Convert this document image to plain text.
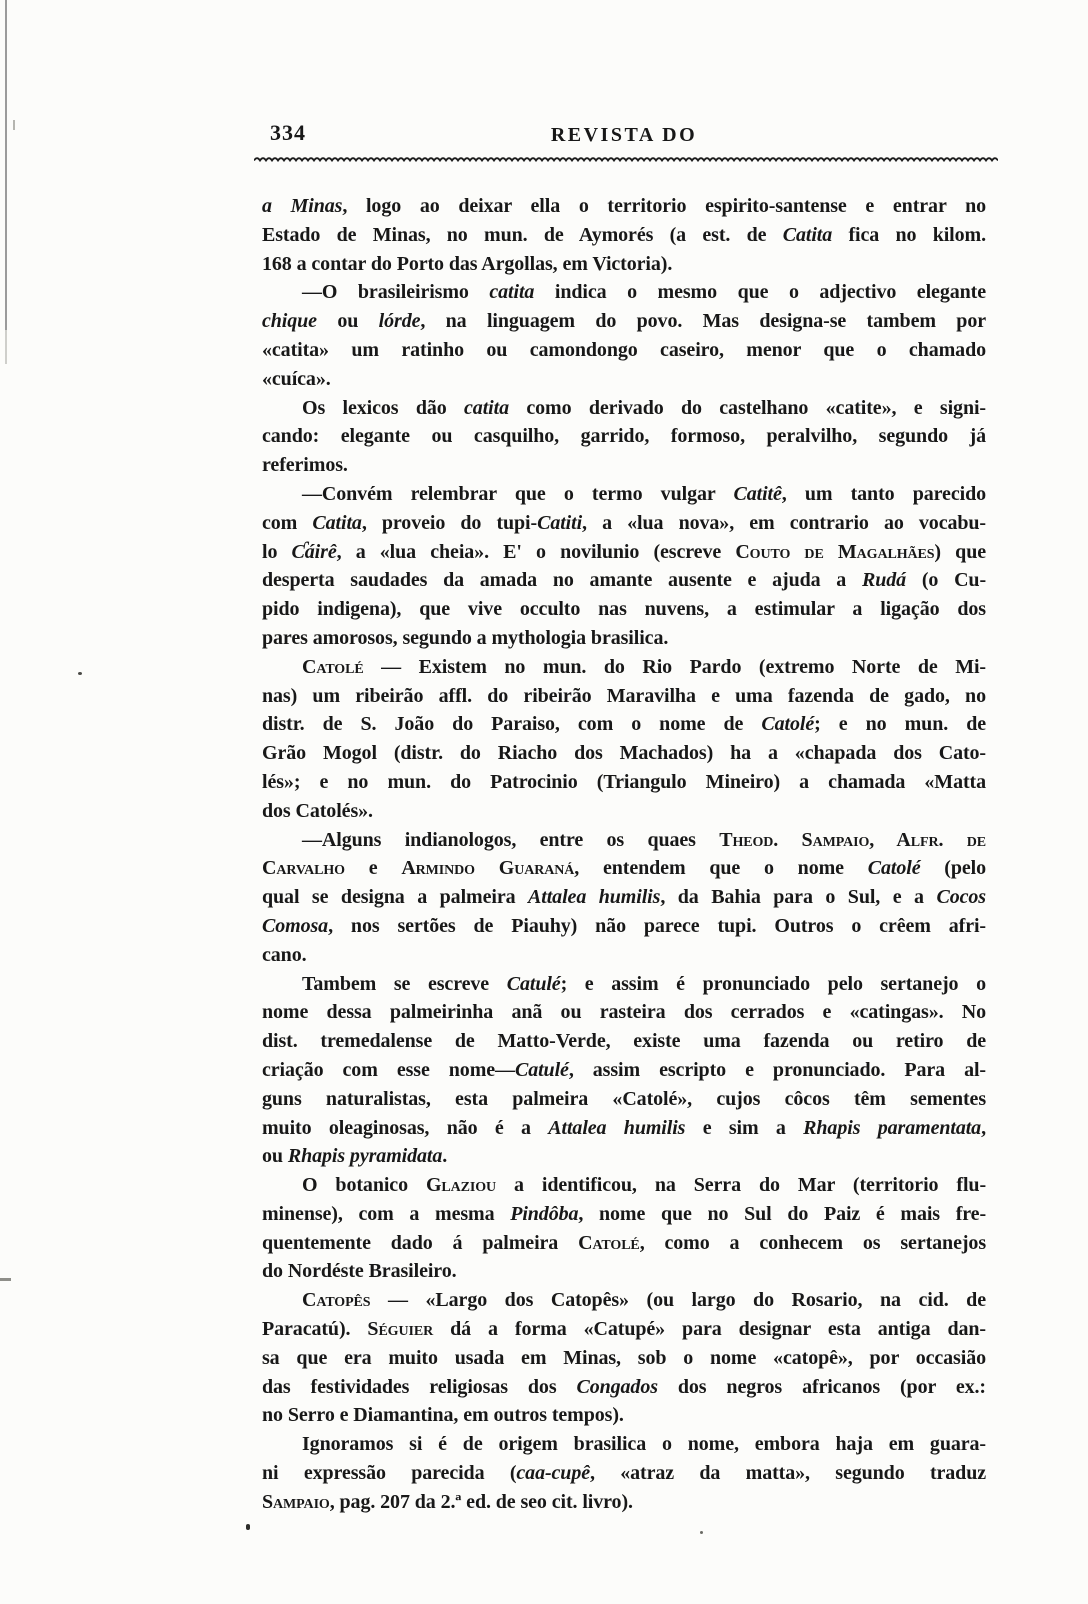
334	REVISTA DO
a Minas, logo ao deixar ella o territorio espirito-santense e entrar no
Estado de Minas, no mun. de Aymorés (a est. de Catita fica no kilom.
168 a contar do Porto das Argollas, em Victoria).
—O brasileirismo catita indica o mesmo que o adjectivo elegante
chique ou lórde, na linguagem do povo. Mas designa-se tambem por
«catita» um ratinho ou camondongo caseiro, menor que o chamado
«cuíca».
Os lexicos dão catita como derivado do castelhano «catite», e signi-
cando: elegante ou casquilho, garrido, formoso, peralvilho, segundo já
referimos.
—Convém relembrar que o termo vulgar Catitê, um tanto parecido
com Catita, proveio do tupi-Catiti, a «lua nova», em contrario ao vocabu-
lo Ƈáirê, a «lua cheia». E' o novilunio (escreve Couto de Magalhães) que
desperta saudades da amada no amante ausente e ajuda a Rudá (o Cu-
pido indigena), que vive occulto nas nuvens, a estimular a ligação dos
pares amorosos, segundo a mythologia brasilica.
Catolé — Existem no mun. do Rio Pardo (extremo Norte de Mi-
nas) um ribeirão affl. do ribeirão Maravilha e uma fazenda de gado, no
distr. de S. João do Paraiso, com o nome de Catolé; e no mun. de
Grão Mogol (distr. do Riacho dos Machados) ha a «chapada dos Cato-
lés»; e no mun. do Patrocinio (Triangulo Mineiro) a chamada «Matta
dos Catolés».
—Alguns indianologos, entre os quaes Theod. Sampaio, Alfr. de
Carvalho e Armindo Guaraná, entendem que o nome Catolé (pelo
qual se designa a palmeira Attalea humilis, da Bahia para o Sul, e a Cocos
Comosa, nos sertões de Piauhy) não parece tupi. Outros o crêem afri-
cano.
Tambem se escreve Catulé; e assim é pronunciado pelo sertanejo o
nome dessa palmeirinha anã ou rasteira dos cerrados e «catingas». No
dist. tremedalense de Matto-Verde, existe uma fazenda ou retiro de
criação com esse nome—Catulé, assim escripto e pronunciado. Para al-
guns naturalistas, esta palmeira «Catolé», cujos côcos têm sementes
muito oleaginosas, não é a Attalea humilis e sim a Rhapis paramentata,
ou Rhapis pyramidata.
O botanico Glaziou a identificou, na Serra do Mar (territorio flu-
minense), com a mesma Pindôba, nome que no Sul do Paiz é mais fre-
quentemente dado á palmeira Catolé, como a conhecem os sertanejos
do Nordéste Brasileiro.
Catopês — «Largo dos Catopês» (ou largo do Rosario, na cid. de
Paracatú). Séguier dá a forma «Catupé» para designar esta antiga dan-
sa que era muito usada em Minas, sob o nome «catopê», por occasião
das festividades religiosas dos Congados dos negros africanos (por ex.:
no Serro e Diamantina, em outros tempos).
Ignoramos si é de origem brasilica o nome, embora haja em guara-
ni expressão parecida (caa-cupê, «atraz da matta», segundo traduz
Sampaio, pag. 207 da 2.ª ed. de seo cit. livro).
